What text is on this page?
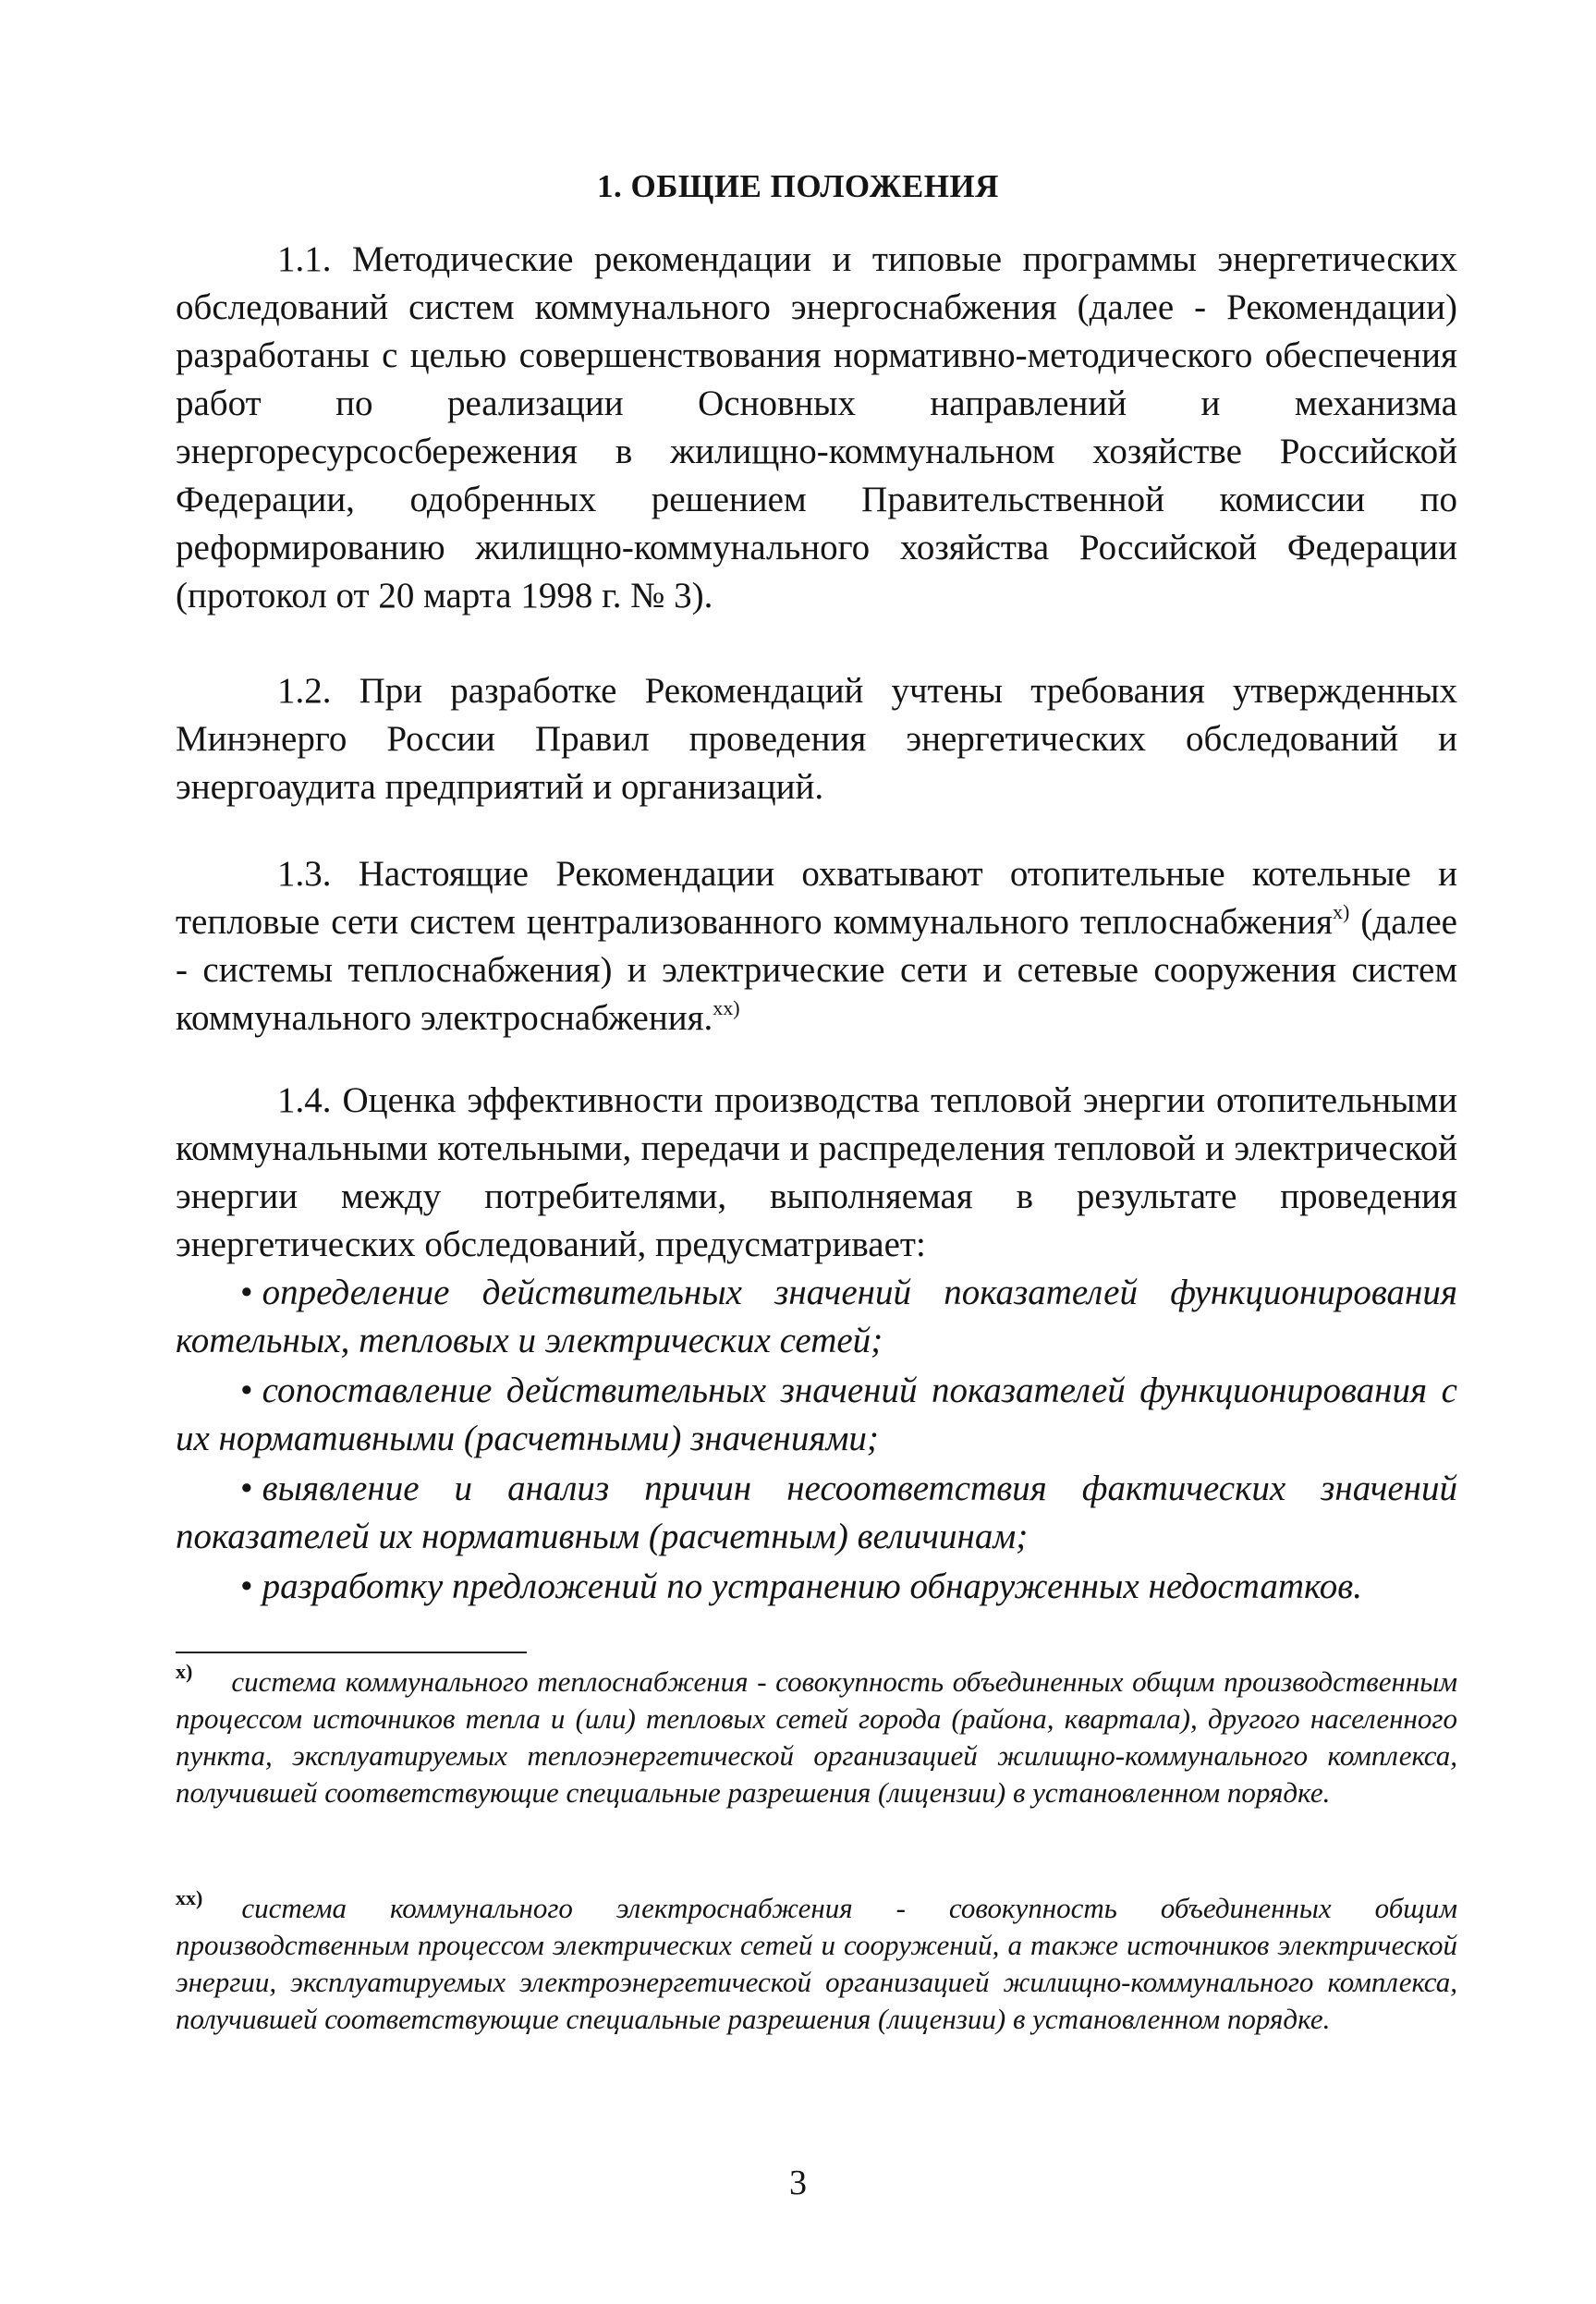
1. ОБЩИЕ ПОЛОЖЕНИЯ

1.1. Методические рекомендации и типовые программы энергетических обследований систем коммунального энергоснабжения (далее - Рекомендации) разработаны с целью совершенствования нормативно-методического обеспечения работ по реализации Основных направлений и механизма энергоресурсосбережения в жилищно-коммунальном хозяйстве Российской Федерации, одобренных решением Правительственной комиссии по реформированию жилищно-коммунального хозяйства Российской Федерации (протокол от 20 марта 1998 г. № 3).

1.2. При разработке Рекомендаций учтены требования утвержденных Минэнерго России Правил проведения энергетических обследований и энергоаудита предприятий и организаций.

1.3. Настоящие Рекомендации охватывают отопительные котельные и тепловые сети систем централизованного коммунального теплоснабжения$^{x)}$ (далее - системы теплоснабжения) и электрические сети и сетевые сооружения систем коммунального электроснабжения.$^{xx)}$

1.4. Оценка эффективности производства тепловой энергии отопительными коммунальными котельными, передачи и распределения тепловой и электрической энергии между потребителями, выполняемая в результате проведения энергетических обследований, предусматривает:

• определение действительных значений показателей функционирования котельных, тепловых и электрических сетей;

• сопоставление действительных значений показателей функционирования с их нормативными (расчетными) значениями;

• выявление и анализ причин несоответствия фактических значений показателей их нормативным (расчетным) величинам;

• разработку предложений по устранению обнаруженных недостатков.

$^{x)}$ система коммунального теплоснабжения - совокупность объединенных общим производственным процессом источников тепла и (или) тепловых сетей города (района, квартала), другого населенного пункта, эксплуатируемых теплоэнергетической организацией жилищно-коммунального комплекса, получившей соответствующие специальные разрешения (лицензии) в установленном порядке.

$^{xx)}$ система коммунального электроснабжения - совокупность объединенных общим производственным процессом электрических сетей и сооружений, а также источников электрической энергии, эксплуатируемых электроэнергетической организацией жилищно-коммунального комплекса, получившей соответствующие специальные разрешения (лицензии) в установленном порядке.

3
